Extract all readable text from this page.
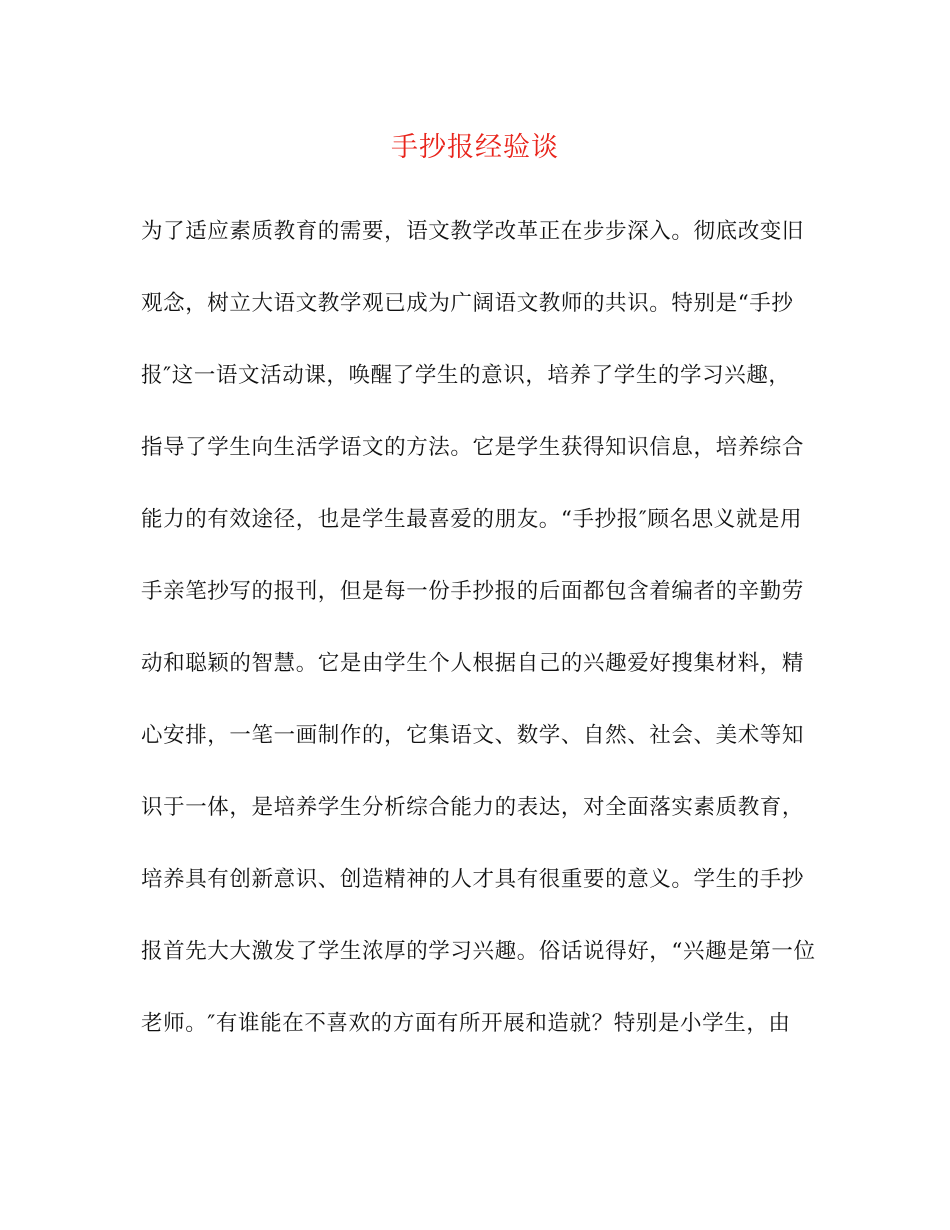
手抄报经验谈
为了适应素质教育的需要，语文教学改革正在步步深入。彻底改变旧
观念，树立大语文教学观已成为广阔语文教师的共识。特别是“手抄
报″这一语文活动课，唤醒了学生的意识，培养了学生的学习兴趣，
指导了学生向生活学语文的方法。它是学生获得知识信息，培养综合
能力的有效途径，也是学生最喜爱的朋友。“手抄报″顾名思义就是用
手亲笔抄写的报刊，但是每一份手抄报的后面都包含着编者的辛勤劳
动和聪颖的智慧。它是由学生个人根据自己的兴趣爱好搜集材料，精
心安排，一笔一画制作的，它集语文、数学、自然、社会、美术等知
识于一体，是培养学生分析综合能力的表达，对全面落实素质教育，
培养具有创新意识、创造精神的人才具有很重要的意义。学生的手抄
报首先大大激发了学生浓厚的学习兴趣。俗话说得好，“兴趣是第一位
老师。″有谁能在不喜欢的方面有所开展和造就？特别是小学生，由
